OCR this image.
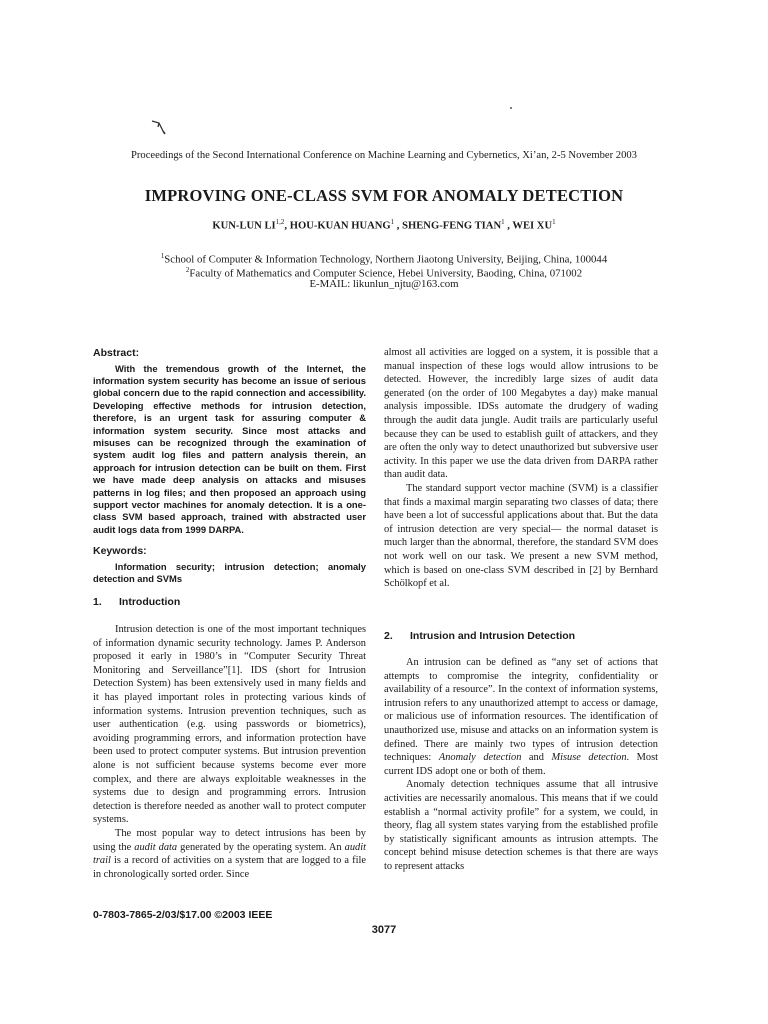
Proceedings of the Second International Conference on Machine Learning and Cybernetics, Xi’an, 2-5 November 2003
IMPROVING ONE-CLASS SVM FOR ANOMALY DETECTION
KUN-LUN LI$^{1,2}$, HOU-KUAN HUANG$^1$ , SHENG-FENG TIAN$^1$ , WEI $XU^1$
$^1$School of Computer & Information Technology, Northern Jiaotong University, Beijing, China, 100044
$^2$Faculty of Mathematics and Computer Science, Hebei University, Baoding, China, 071002
E-MAIL: likunlun_njtu@163.com

Abstract:

With the tremendous growth of the Internet, the information system security has become an issue of serious global concern due to the rapid connection and accessibility. Developing effective methods for intrusion detection, therefore, is an urgent task for assuring computer & information system security. Since most attacks and misuses can be recognized through the examination of system audit log files and pattern analysis therein, an approach for intrusion detection can be built on them. First we have made deep analysis on attacks and misuses patterns in log files; and then proposed an approach using support vector machines for anomaly detection. It is a one-class SVM based approach, trained with abstracted user audit logs data from 1999 DARPA.

Keywords:

Information security; intrusion detection; anomaly detection and SVMs

1. Introduction

Intrusion detection is one of the most important techniques of information dynamic security technology. James P. Anderson proposed it early in 1980’s in “Computer Security Threat Monitoring and Serveillance”[1]. IDS (short for Intrusion Detection System) has been extensively used in many fields and it has played important roles in protecting various kinds of information systems. Intrusion prevention techniques, such as user authentication (e.g. using passwords or biometrics), avoiding programming errors, and information protection have been used to protect computer systems. But intrusion prevention alone is not sufficient because systems become ever more complex, and there are always exploitable weaknesses in the systems due to design and programming errors. Intrusion detection is therefore needed as another wall to protect computer systems.

The most popular way to detect intrusions has been by using the audit data generated by the operating system. An audit trail is a record of activities on a system that are logged to a file in chronologically sorted order. Since

almost all activities are logged on a system, it is possible that a manual inspection of these logs would allow intrusions to be detected. However, the incredibly large sizes of audit data generated (on the order of 100 Megabytes a day) make manual analysis impossible. IDSs automate the drudgery of wading through the audit data jungle. Audit trails are particularly useful because they can be used to establish guilt of attackers, and they are often the only way to detect unauthorized but subversive user activity. In this paper we use the data driven from DARPA rather than audit data.

The standard support vector machine (SVM) is a classifier that finds a maximal margin separating two classes of data; there have been a lot of successful applications about that. But the data of intrusion detection are very special— the normal dataset is much larger than the abnormal, therefore, the standard SVM does not work well on our task. We present a new SVM method, which is based on one-class SVM described in [2] by Bernhard Schölkopf et al.

2. Intrusion and Intrusion Detection

An intrusion can be defined as “any set of actions that attempts to compromise the integrity, confidentiality or availability of a resource”. In the context of information systems, intrusion refers to any unauthorized attempt to access or damage, or malicious use of information resources. The identification of unauthorized use, misuse and attacks on an information system is defined. There are mainly two types of intrusion detection techniques: Anomaly detection and Misuse detection. Most current IDS adopt one or both of them.

Anomaly detection techniques assume that all intrusive activities are necessarily anomalous. This means that if we could establish a “normal activity profile” for a system, we could, in theory, flag all system states varying from the established profile by statistically significant amounts as intrusion attempts. The concept behind misuse detection schemes is that there are ways to represent attacks

0-7803-7865-2/03/$17.00 ©2003 IEEE
3077
